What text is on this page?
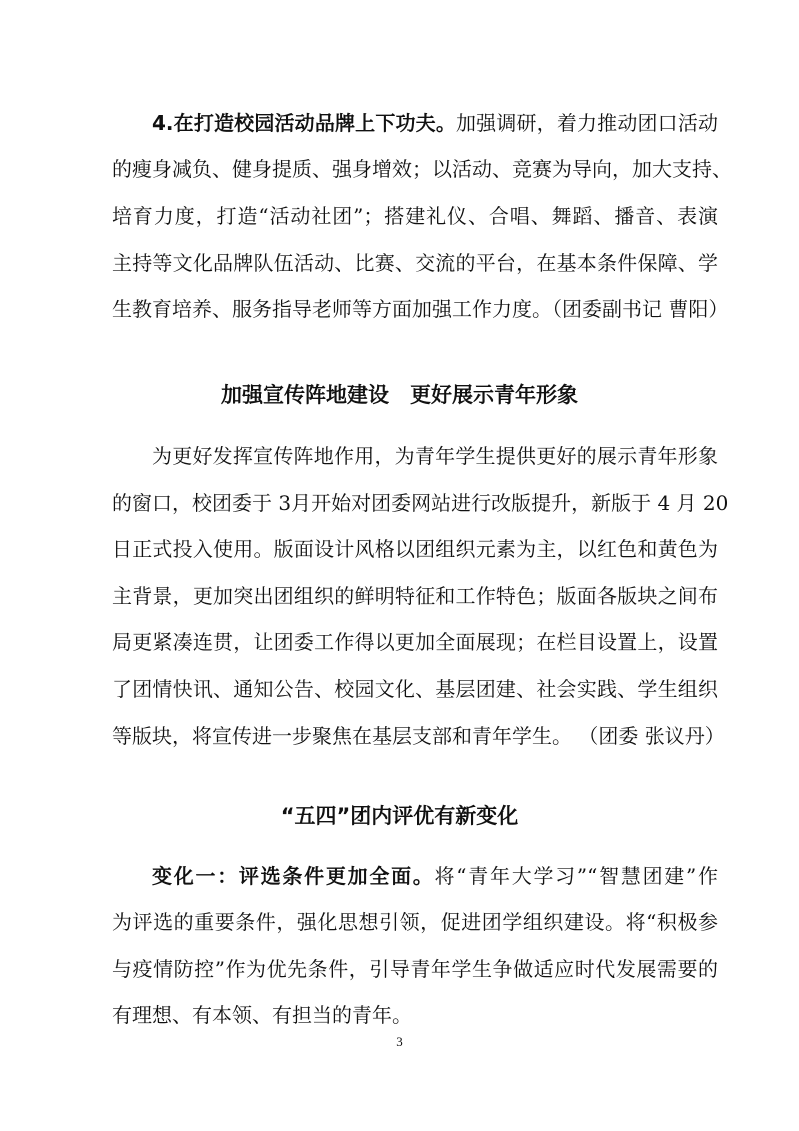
4.在打造校园活动品牌上下功夫。加强调研，着力推动团口活动
的瘦身减负、健身提质、强身增效；以活动、竞赛为导向，加大支持、
培育力度，打造“活动社团”；搭建礼仪、合唱、舞蹈、播音、表演
主持等文化品牌队伍活动、比赛、交流的平台，在基本条件保障、学
生教育培养、服务指导老师等方面加强工作力度。（团委副书记 曹阳）
加强宣传阵地建设　更好展示青年形象
为更好发挥宣传阵地作用，为青年学生提供更好的展示青年形象
的窗口，校团委于 3月开始对团委网站进行改版提升，新版于 4 月 20
日正式投入使用。版面设计风格以团组织元素为主，以红色和黄色为
主背景，更加突出团组织的鲜明特征和工作特色；版面各版块之间布
局更紧凑连贯，让团委工作得以更加全面展现；在栏目设置上，设置
了团情快讯、通知公告、校园文化、基层团建、社会实践、学生组织
等版块，将宣传进一步聚焦在基层支部和青年学生。 （团委 张议丹）
“五四”团内评优有新变化
变化一：评选条件更加全面。将“青年大学习”“智慧团建”作
为评选的重要条件，强化思想引领，促进团学组织建设。将“积极参
与疫情防控”作为优先条件，引导青年学生争做适应时代发展需要的
有理想、有本领、有担当的青年。
3
